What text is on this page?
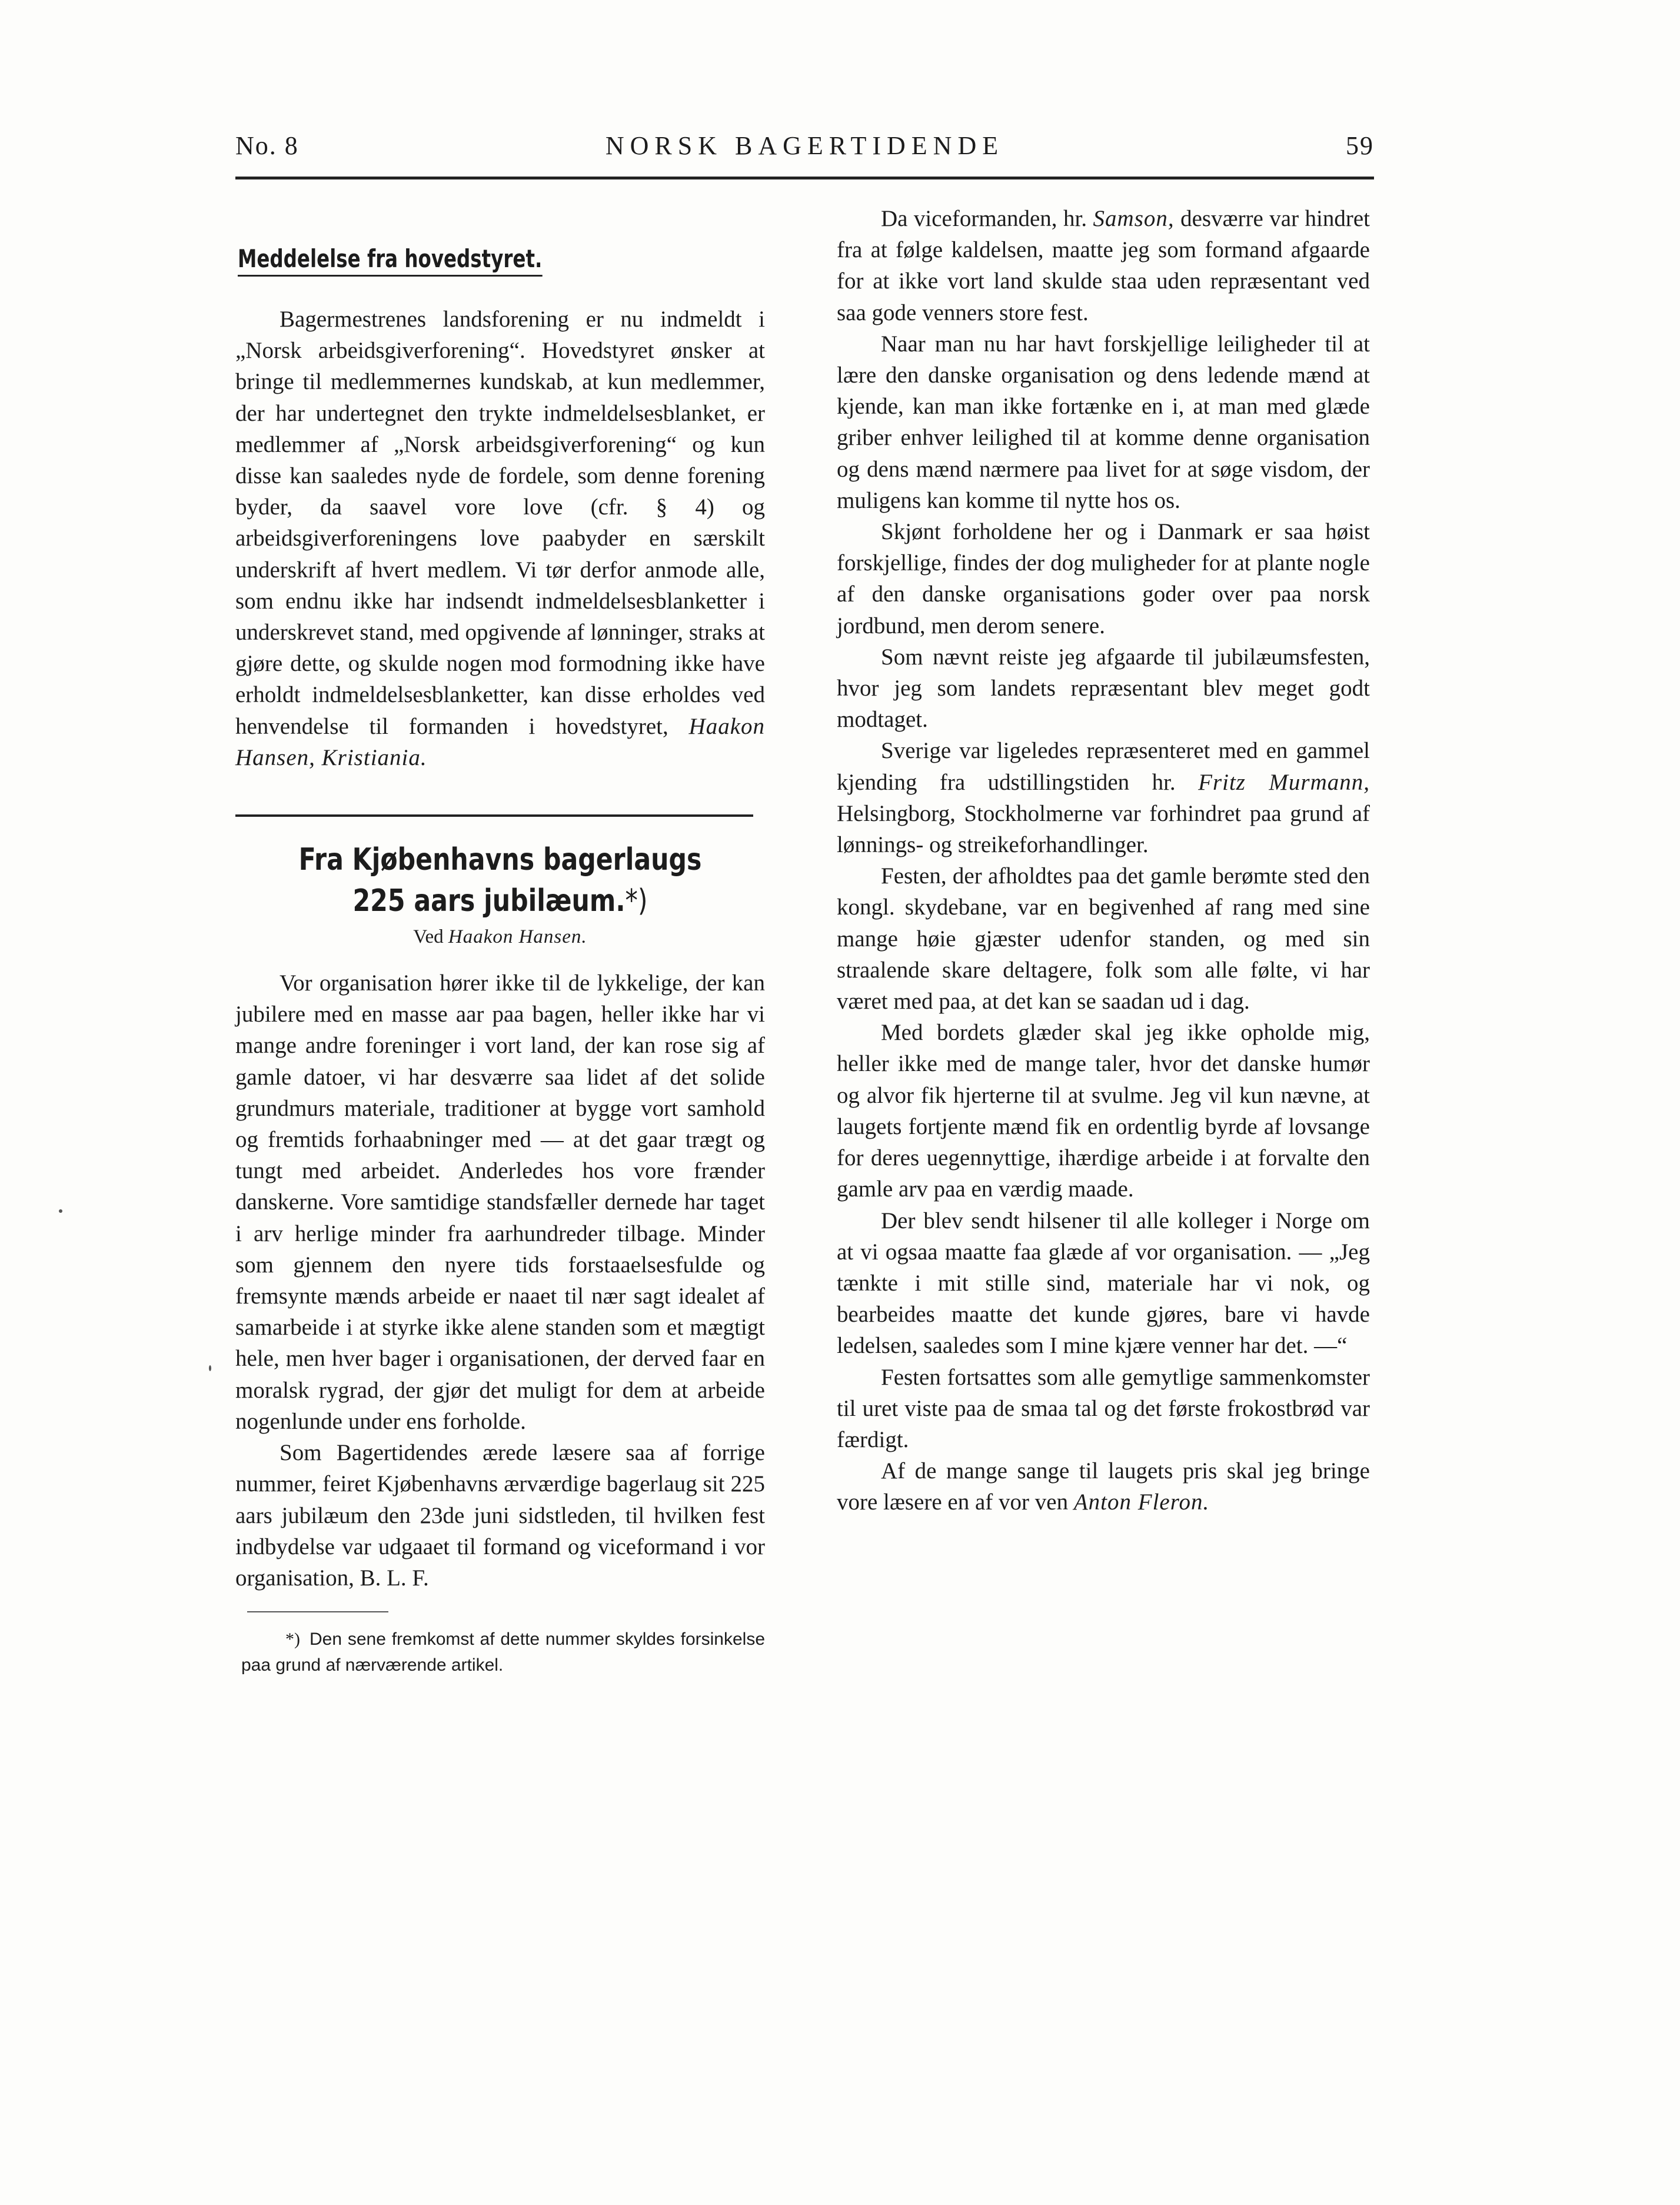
No. 8	NORSK BAGERTIDENDE	59
Meddelelse fra hovedstyret.

Bagermestrenes landsforening er nu indmeldt i „Norsk arbeidsgiverforening“. Hovedstyret ønsker at bringe til medlemmernes kundskab, at kun medlemmer, der har undertegnet den trykte indmeldelsesblanket, er medlemmer af „Norsk arbeidsgiverforening“ og kun disse kan saaledes nyde de fordele, som denne forening byder, da saavel vore love (cfr. § 4) og arbeidsgiverforeningens love paabyder en særskilt underskrift af hvert medlem. Vi tør derfor anmode alle, som endnu ikke har indsendt indmeldelsesblanketter i underskrevet stand, med opgivende af lønninger, straks at gjøre dette, og skulde nogen mod formodning ikke have erholdt indmeldelsesblanketter, kan disse erholdes ved henvendelse til formanden i hovedstyret, Haakon Hansen, Kristiania.

Fra Kjøbenhavns bagerlaugs
225 aars jubilæum.*)
Ved Haakon Hansen.

Vor organisation hører ikke til de lykkelige, der kan jubilere med en masse aar paa bagen, heller ikke har vi mange andre foreninger i vort land, der kan rose sig af gamle datoer, vi har desværre saa lidet af det solide grundmurs materiale, traditioner at bygge vort samhold og fremtids forhaabninger med — at det gaar trægt og tungt med arbeidet. Anderledes hos vore frænder danskerne. Vore samtidige standsfæller dernede har taget i arv herlige minder fra aarhundreder tilbage. Minder som gjennem den nyere tids forstaaelsesfulde og fremsynte mænds arbeide er naaet til nær sagt idealet af samarbeide i at styrke ikke alene standen som et mægtigt hele, men hver bager i organisationen, der derved faar en moralsk rygrad, der gjør det muligt for dem at arbeide nogenlunde under ens forholde.

Som Bagertidendes ærede læsere saa af forrige nummer, feiret Kjøbenhavns ærværdige bagerlaug sit 225 aars jubilæum den 23de juni sidstleden, til hvilken fest indbydelse var udgaaet til formand og viceformand i vor organisation, B. L. F.

*) Den sene fremkomst af dette nummer skyldes forsinkelse paa grund af nærværende artikel.

Da viceformanden, hr. Samson, desværre var hindret fra at følge kaldelsen, maatte jeg som formand afgaarde for at ikke vort land skulde staa uden repræsentant ved saa gode venners store fest.

Naar man nu har havt forskjellige leiligheder til at lære den danske organisation og dens ledende mænd at kjende, kan man ikke fortænke en i, at man med glæde griber enhver leilighed til at komme denne organisation og dens mænd nærmere paa livet for at søge visdom, der muligens kan komme til nytte hos os.

Skjønt forholdene her og i Danmark er saa høist forskjellige, findes der dog muligheder for at plante nogle af den danske organisations goder over paa norsk jordbund, men derom senere.

Som nævnt reiste jeg afgaarde til jubilæumsfesten, hvor jeg som landets repræsentant blev meget godt modtaget.

Sverige var ligeledes repræsenteret med en gammel kjending fra udstillingstiden hr. Fritz Murmann, Helsingborg, Stockholmerne var forhindret paa grund af lønnings- og streikeforhandlinger.

Festen, der afholdtes paa det gamle berømte sted den kongl. skydebane, var en begivenhed af rang med sine mange høie gjæster udenfor standen, og med sin straalende skare deltagere, folk som alle følte, vi har været med paa, at det kan se saadan ud i dag.

Med bordets glæder skal jeg ikke opholde mig, heller ikke med de mange taler, hvor det danske humør og alvor fik hjerterne til at svulme. Jeg vil kun nævne, at laugets fortjente mænd fik en ordentlig byrde af lovsange for deres uegennyttige, ihærdige arbeide i at forvalte den gamle arv paa en værdig maade.

Der blev sendt hilsener til alle kolleger i Norge om at vi ogsaa maatte faa glæde af vor organisation. — „Jeg tænkte i mit stille sind, materiale har vi nok, og bearbeides maatte det kunde gjøres, bare vi havde ledelsen, saaledes som I mine kjære venner har det. —“

Festen fortsattes som alle gemytlige sammenkomster til uret viste paa de smaa tal og det første frokostbrød var færdigt.

Af de mange sange til laugets pris skal jeg bringe vore læsere en af vor ven Anton Fleron.
